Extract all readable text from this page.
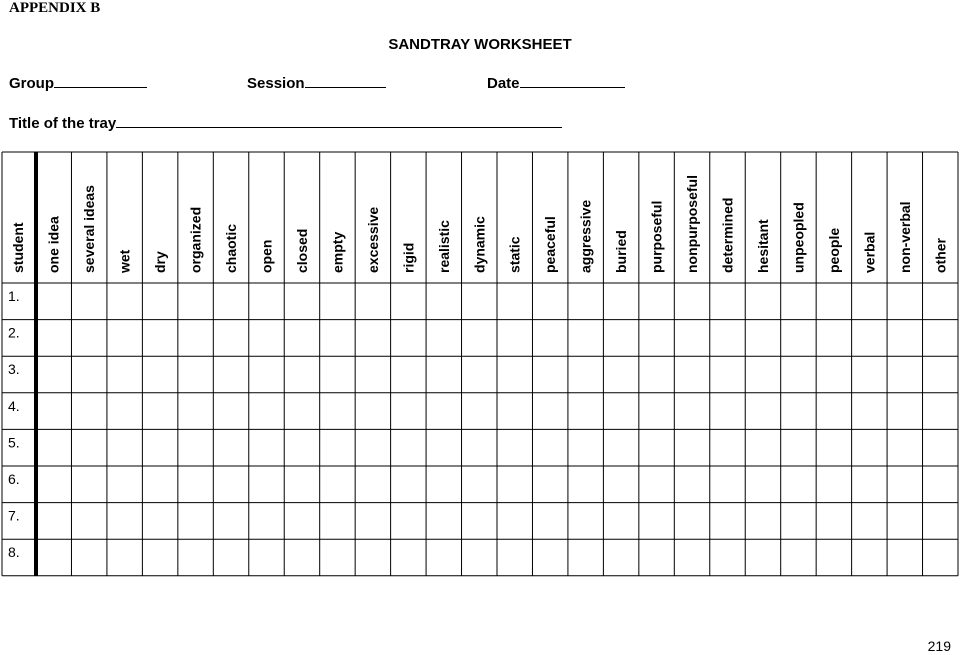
APPENDIX B
SANDTRAY WORKSHEET
Group	Session	Date
Title of the tray
student one idea several ideas wet dry organized chaotic open closed empty excessive rigid realistic dynamic static peaceful aggressive buried purposeful nonpurposeful determined hesitant unpeopled people verbal non-verbal other
1.
2.
3.
4.
5.
6.
7.
8.
219
